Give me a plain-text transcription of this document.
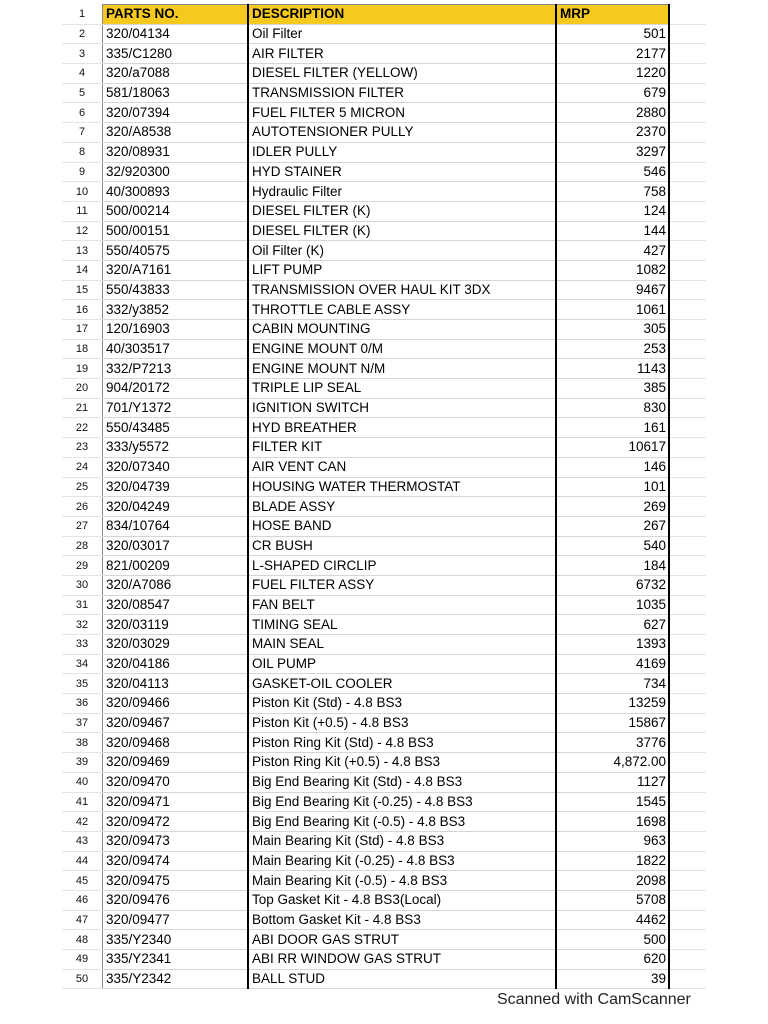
1	PARTS NO.	DESCRIPTION	MRP	
2	320/04134	Oil Filter	501	
3	335/C1280	AIR FILTER	2177	
4	320/a7088	DIESEL FILTER (YELLOW)	1220	
5	581/18063	TRANSMISSION FILTER	679	
6	320/07394	FUEL FILTER 5 MICRON	2880	
7	320/A8538	AUTOTENSIONER PULLY	2370	
8	320/08931	IDLER PULLY	3297	
9	32/920300	HYD STAINER	546	
10	40/300893	Hydraulic Filter	758	
11	500/00214	DIESEL FILTER (K)	124	
12	500/00151	DIESEL FILTER (K)	144	
13	550/40575	Oil Filter (K)	427	
14	320/A7161	LIFT PUMP	1082	
15	550/43833	TRANSMISSION OVER HAUL KIT 3DX	9467	
16	332/y3852	THROTTLE CABLE ASSY	1061	
17	120/16903	CABIN MOUNTING	305	
18	40/303517	ENGINE MOUNT 0/M	253	
19	332/P7213	ENGINE MOUNT N/M	1143	
20	904/20172	TRIPLE LIP SEAL	385	
21	701/Y1372	IGNITION SWITCH	830	
22	550/43485	HYD BREATHER	161	
23	333/y5572	FILTER KIT	10617	
24	320/07340	AIR VENT CAN	146	
25	320/04739	HOUSING WATER THERMOSTAT	101	
26	320/04249	BLADE ASSY	269	
27	834/10764	HOSE BAND	267	
28	320/03017	CR BUSH	540	
29	821/00209	L-SHAPED CIRCLIP	184	
30	320/A7086	FUEL FILTER ASSY	6732	
31	320/08547	FAN BELT	1035	
32	320/03119	TIMING SEAL	627	
33	320/03029	MAIN SEAL	1393	
34	320/04186	OIL PUMP	4169	
35	320/04113	GASKET-OIL COOLER	734	
36	320/09466	Piston Kit (Std) - 4.8 BS3	13259	
37	320/09467	Piston Kit (+0.5) - 4.8 BS3	15867	
38	320/09468	Piston Ring Kit (Std) - 4.8 BS3	3776	
39	320/09469	Piston Ring Kit (+0.5) - 4.8 BS3	4,872.00	
40	320/09470	Big End Bearing Kit (Std) - 4.8 BS3	1127	
41	320/09471	Big End Bearing Kit (-0.25) - 4.8 BS3	1545	
42	320/09472	Big End Bearing Kit (-0.5) - 4.8 BS3	1698	
43	320/09473	Main Bearing Kit (Std) - 4.8 BS3	963	
44	320/09474	Main Bearing Kit (-0.25) - 4.8 BS3	1822	
45	320/09475	Main Bearing Kit (-0.5) - 4.8 BS3	2098	
46	320/09476	Top Gasket Kit - 4.8 BS3(Local)	5708	
47	320/09477	Bottom Gasket Kit - 4.8 BS3	4462	
48	335/Y2340	ABI DOOR GAS STRUT	500	
49	335/Y2341	ABI RR WINDOW GAS STRUT	620	
50	335/Y2342	BALL STUD	39	
Scanned with CamScanner
